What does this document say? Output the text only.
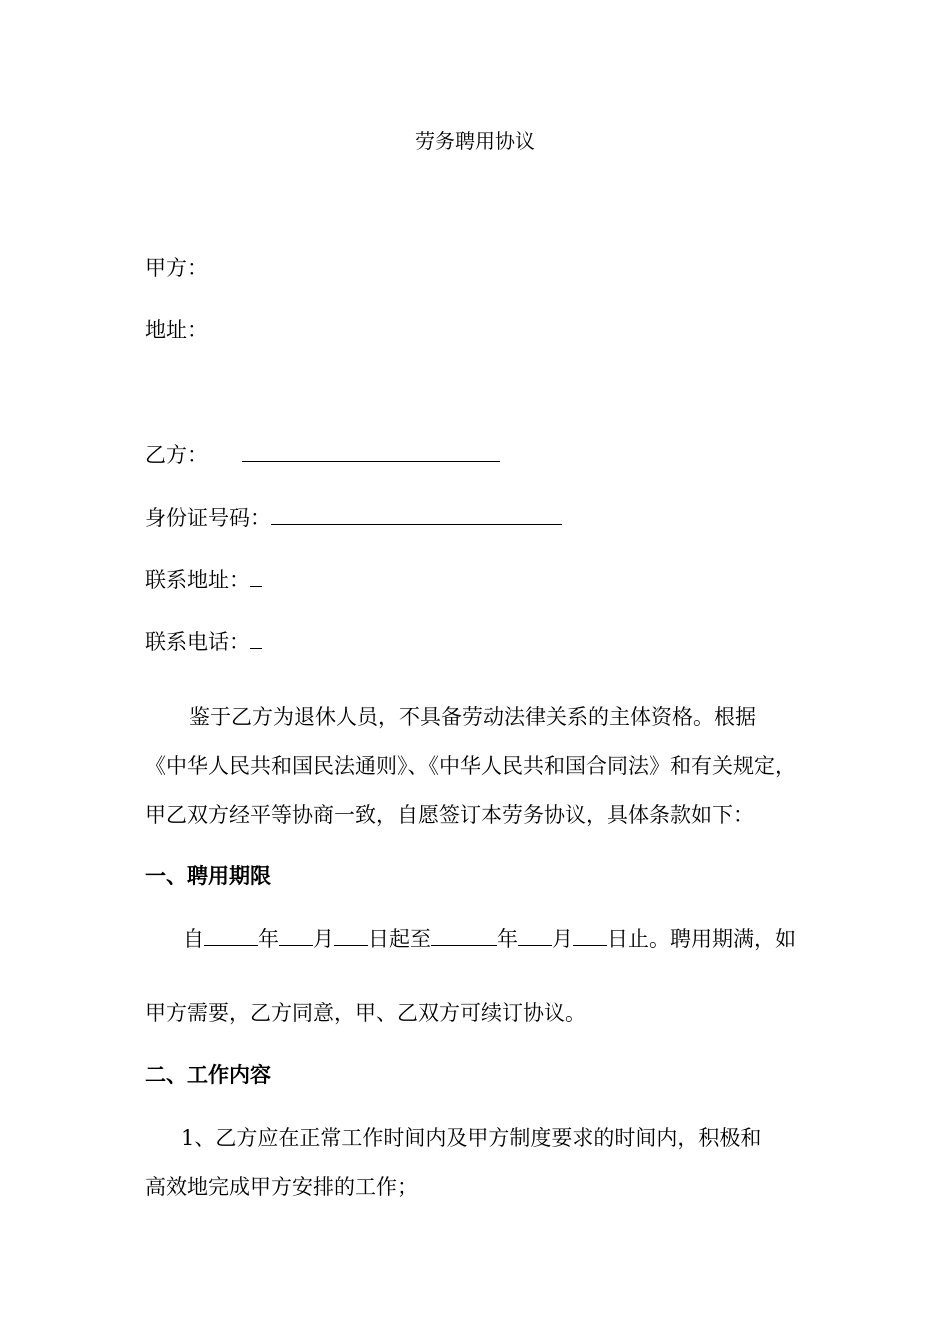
劳务聘用协议
甲方：
地址：
乙方：
身份证号码：
联系地址：
联系电话：
鉴于乙方为退休人员，不具备劳动法律关系的主体资格。根据
《中华人民共和国民法通则》、《中华人民共和国合同法》和有关规定，
甲乙双方经平等协商一致，自愿签订本劳务协议，具体条款如下：
一、聘用期限
自	年 月 日起至	年 月 日止。聘用期满，如
甲方需要，乙方同意，甲、乙双方可续订协议。
二、工作内容
1、乙方应在正常工作时间内及甲方制度要求的时间内，积极和
高效地完成甲方安排的工作；
